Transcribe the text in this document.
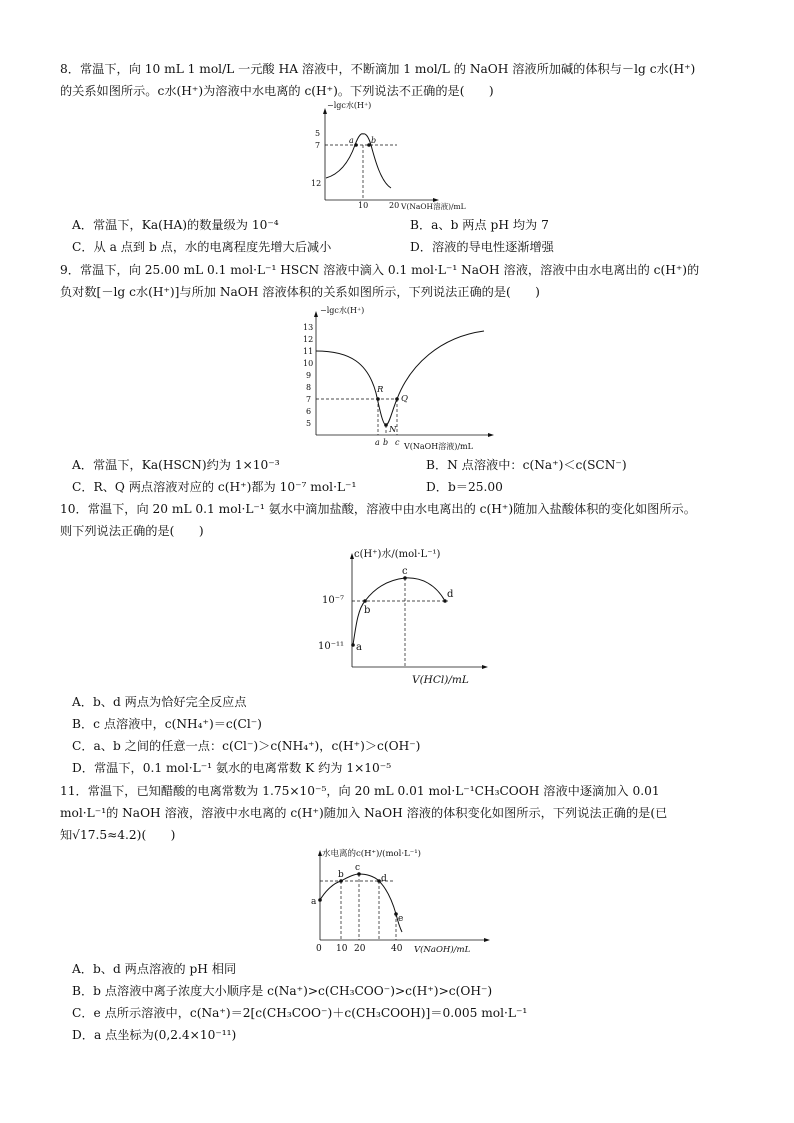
8．常温下，向 10 mL 1 mol/L 一元酸 HA 溶液中，不断滴加 1 mol/L 的 NaOH 溶液所加碱的体积与－lg c水(H⁺)
的关系如图所示。c水(H⁺)为溶液中水电离的 c(H⁺)。下列说法不正确的是(　　)
−lgc水(H⁺)
5
7
12
a b
10	20 V(NaOH溶液)/mL
A．常温下，Ka(HA)的数量级为 10⁻⁴	B．a、b 两点 pH 均为 7
C．从 a 点到 b 点，水的电离程度先增大后减小	D．溶液的导电性逐渐增强
9．常温下，向 25.00 mL 0.1 mol·L⁻¹ HSCN 溶液中滴入 0.1 mol·L⁻¹ NaOH 溶液，溶液中由水电离出的 c(H⁺)的
负对数[－lg c水(H⁺)]与所加 NaOH 溶液体积的关系如图所示，下列说法正确的是(　　)
−lgc水(H⁺)
13
12
11
10
9
8
7
6
5
R
Q
N
a b c V(NaOH溶液)/mL
A．常温下，Ka(HSCN)约为 1×10⁻³	B．N 点溶液中：c(Na⁺)＜c(SCN⁻)
C．R、Q 两点溶液对应的 c(H⁺)都为 10⁻⁷ mol·L⁻¹	D．b＝25.00
10．常温下，向 20 mL 0.1 mol·L⁻¹ 氨水中滴加盐酸，溶液中由水电离出的 c(H⁺)随加入盐酸体积的变化如图所示。
则下列说法正确的是(　　)
c(H⁺)水/(mol·L⁻¹)
10⁻⁷
10⁻¹¹ a
b
c
d
V(HCl)/mL
A．b、d 两点为恰好完全反应点
B．c 点溶液中，c(NH₄⁺)＝c(Cl⁻)
C．a、b 之间的任意一点：c(Cl⁻)＞c(NH₄⁺)，c(H⁺)＞c(OH⁻)
D．常温下，0.1 mol·L⁻¹ 氨水的电离常数 K 约为 1×10⁻⁵
11．常温下，已知醋酸的电离常数为 1.75×10⁻⁵，向 20 mL 0.01 mol·L⁻¹CH₃COOH 溶液中逐滴加入 0.01
mol·L⁻¹的 NaOH 溶液，溶液中水电离的 c(H⁺)随加入 NaOH 溶液的体积变化如图所示，下列说法正确的是(已
知√17.5≈4.2)(　　)
水电离的c(H⁺)/(mol·L⁻¹)
a
b
c
d
e
0 10 20	40 V(NaOH)/mL
A．b、d 两点溶液的 pH 相同
B．b 点溶液中离子浓度大小顺序是 c(Na⁺)>c(CH₃COO⁻)>c(H⁺)>c(OH⁻)
C．e 点所示溶液中，c(Na⁺)＝2[c(CH₃COO⁻)＋c(CH₃COOH)]＝0.005 mol·L⁻¹
D．a 点坐标为(0,2.4×10⁻¹¹)
